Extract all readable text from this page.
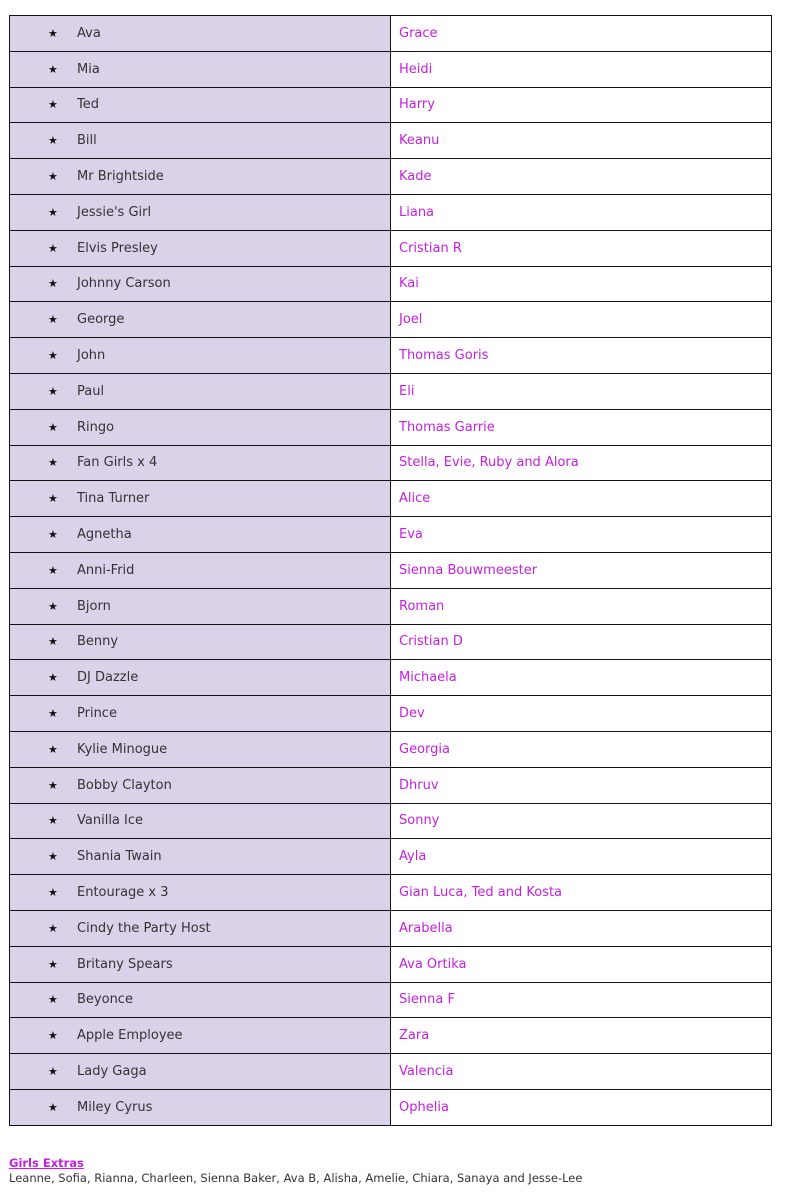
★ Ava	Grace
★ Mia	Heidi
★ Ted	Harry
★ Bill	Keanu
★ Mr Brightside	Kade
★ Jessie's Girl	Liana
★ Elvis Presley	Cristian R
★ Johnny Carson	Kai
★ George	Joel
★ John	Thomas Goris
★ Paul	Eli
★ Ringo	Thomas Garrie
★ Fan Girls x 4	Stella, Evie, Ruby and Alora
★ Tina Turner	Alice
★ Agnetha	Eva
★ Anni-Frid	Sienna Bouwmeester
★ Bjorn	Roman
★ Benny	Cristian D
★ DJ Dazzle	Michaela
★ Prince	Dev
★ Kylie Minogue	Georgia
★ Bobby Clayton	Dhruv
★ Vanilla Ice	Sonny
★ Shania Twain	Ayla
★ Entourage x 3	Gian Luca, Ted and Kosta
★ Cindy the Party Host	Arabella
★ Britany Spears	Ava Ortika
★ Beyonce	Sienna F
★ Apple Employee	Zara
★ Lady Gaga	Valencia
★ Miley Cyrus	Ophelia
Girls Extras
Leanne, Sofia, Rianna, Charleen, Sienna Baker, Ava B, Alisha, Amelie, Chiara, Sanaya and Jesse-Lee
